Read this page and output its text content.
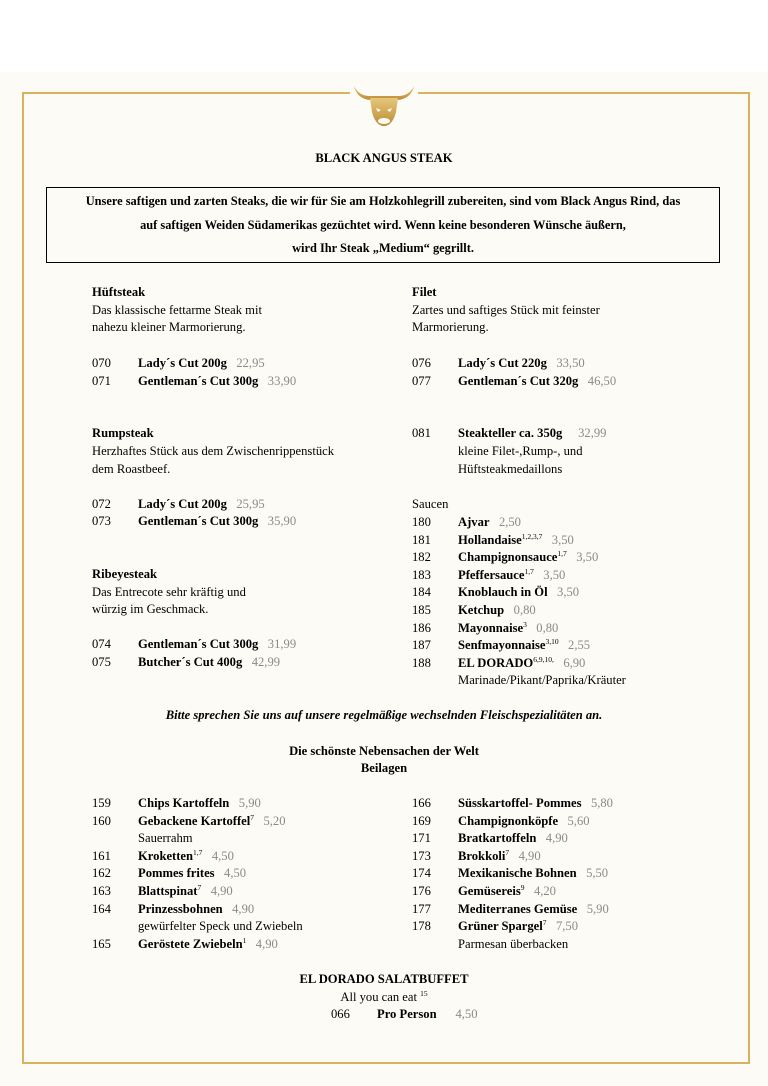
BLACK ANGUS STEAK
Unsere saftigen und zarten Steaks, die wir für Sie am Holzkohlegrill zubereiten, sind vom Black Angus Rind, das
auf saftigen Weiden Südamerikas gezüchtet wird. Wenn keine besonderen Wünsche äußern,
wird Ihr Steak „Medium“ gegrillt.
Hüftsteak
Das klassische fettarme Steak mit
nahezu kleiner Marmorierung.
070 Lady´s Cut 200g 22,95
071 Gentleman´s Cut 300g 33,90
Rumpsteak
Herzhaftes Stück aus dem Zwischenrippenstück
dem Roastbeef.
072 Lady´s Cut 200g 25,95
073 Gentleman´s Cut 300g 35,90
Ribeyesteak
Das Entrecote sehr kräftig und
würzig im Geschmack.
074 Gentleman´s Cut 300g 31,99
075 Butcher´s Cut 400g 42,99
Filet
Zartes und saftiges Stück mit feinster
Marmorierung.
076 Lady´s Cut 220g 33,50
077 Gentleman´s Cut 320g 46,50
081 Steakteller ca. 350g 32,99
kleine Filet-,Rump-, und
Hüftsteakmedaillons
Saucen
180 Ajvar 2,50
181 Hollandaise$^{1,2,3,7}$ 3,50
182 Champignonsauce$^{1,7}$ 3,50
183 Pfeffersauce$^{1,7}$ 3,50
184 Knoblauch in Öl 3,50
185 Ketchup 0,80
186 Mayonnaise$^3$ 0,80
187 Senfmayonnaise$^{3,10}$ 2,55
188 EL $DORADO^{6,9,10,}$ 6,90
Marinade/Pikant/Paprika/Kräuter
Bitte sprechen Sie uns auf unsere regelmäßige wechselnden Fleischspezialitäten an.
Die schönste Nebensachen der Welt
Beilagen
159 Chips Kartoffeln 5,90
160 Gebackene Kartoffel$^7$ 5,20
Sauerrahm
161 Kroketten$^{1,7}$ 4,50
162 Pommes frites 4,50
163 Blattspinat$^7$ 4,90
164 Prinzessbohnen 4,90
gewürfelter Speck und Zwiebeln
165 Geröstete Zwiebeln$^1$ 4,90
166 Süsskartoffel- Pommes 5,80
169 Champignonköpfe 5,60
171 Bratkartoffeln 4,90
173 Brokkoli$^7$ 4,90
174 Mexikanische Bohnen 5,50
176 Gemüsereis$^9$ 4,20
177 Mediterranes Gemüse 5,90
178 Grüner Spargel$^7$ 7,50
Parmesan überbacken
EL DORADO SALATBUFFET
All you can eat $^{15}$
066 Pro Person 4,50
